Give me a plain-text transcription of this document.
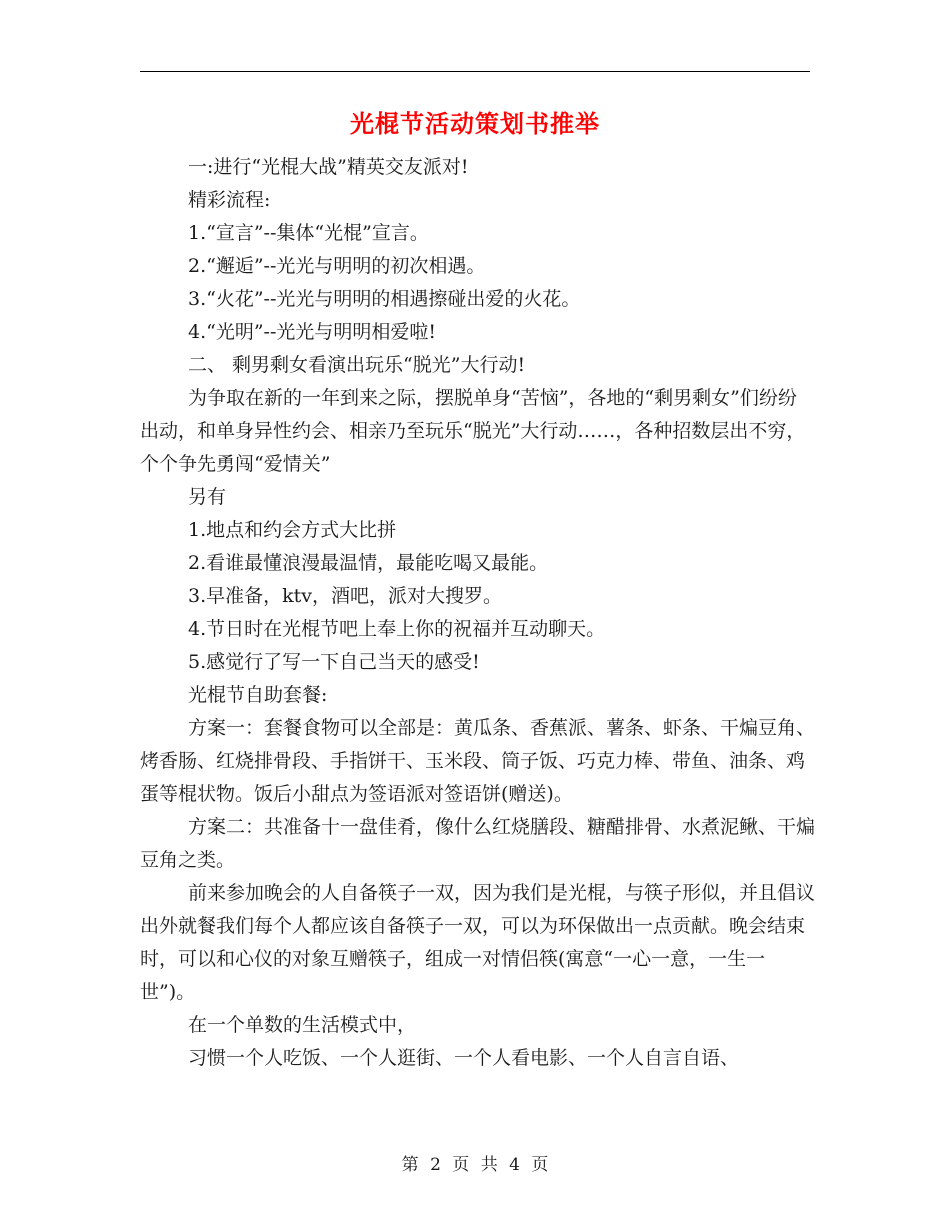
光棍节活动策划书推举

一:进行“光棍大战”精英交友派对!

精彩流程:

1.“宣言”--集体“光棍”宣言。

2.“邂逅”--光光与明明的初次相遇。

3.“火花”--光光与明明的相遇擦碰出爱的火花。

4.“光明”--光光与明明相爱啦!

二、 剩男剩女看演出玩乐“脱光”大行动!

为争取在新的一年到来之际，摆脱单身“苦恼”，各地的“剩男剩女”们纷纷出动，和单身异性约会、相亲乃至玩乐“脱光”大行动……，各种招数层出不穷，个个争先勇闯“爱情关”

另有

1.地点和约会方式大比拼

2.看谁最懂浪漫最温情，最能吃喝又最能。

3.早准备，ktv，酒吧，派对大搜罗。

4.节日时在光棍节吧上奉上你的祝福并互动聊天。

5.感觉行了写一下自己当天的感受!

光棍节自助套餐:

方案一：套餐食物可以全部是：黄瓜条、香蕉派、薯条、虾条、干煸豆角、烤香肠、红烧排骨段、手指饼干、玉米段、筒子饭、巧克力棒、带鱼、油条、鸡蛋等棍状物。饭后小甜点为签语派对签语饼(赠送)。

方案二：共准备十一盘佳肴，像什么红烧膳段、糖醋排骨、水煮泥鳅、干煸豆角之类。

前来参加晚会的人自备筷子一双，因为我们是光棍，与筷子形似，并且倡议出外就餐我们每个人都应该自备筷子一双，可以为环保做出一点贡献。晚会结束时，可以和心仪的对象互赠筷子，组成一对情侣筷(寓意“一心一意，一生一世”)。

在一个单数的生活模式中，

习惯一个人吃饭、一个人逛街、一个人看电影、一个人自言自语、

第 2 页 共 4 页
